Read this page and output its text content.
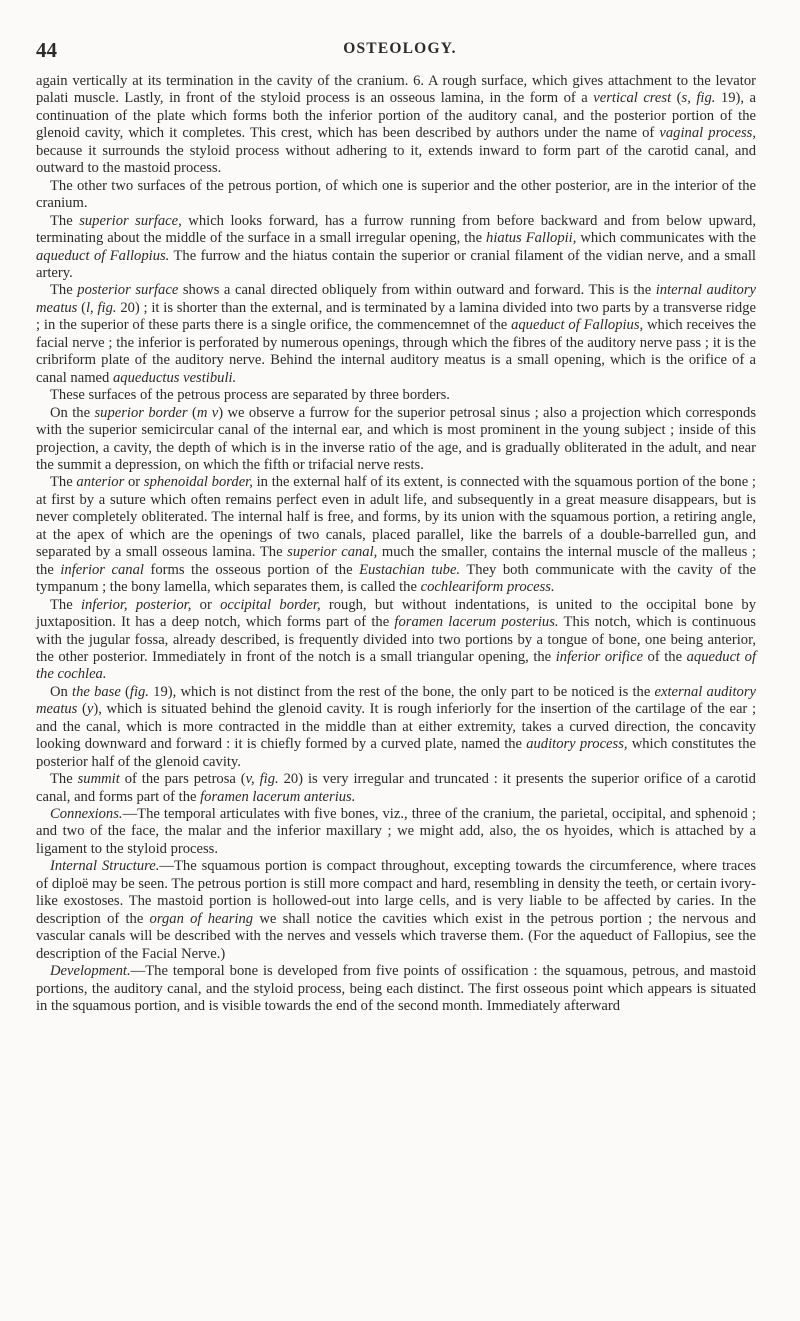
44	OSTEOLOGY.

again vertically at its termination in the cavity of the cranium. 6. A rough surface, which gives attachment to the levator palati muscle. Lastly, in front of the styloid process is an osseous lamina, in the form of a vertical crest (s, fig. 19), a continuation of the plate which forms both the inferior portion of the auditory canal, and the posterior portion of the glenoid cavity, which it completes. This crest, which has been described by authors under the name of vaginal process, because it surrounds the styloid process without adhering to it, extends inward to form part of the carotid canal, and outward to the mastoid process.

The other two surfaces of the petrous portion, of which one is superior and the other posterior, are in the interior of the cranium.

The superior surface, which looks forward, has a furrow running from before backward and from below upward, terminating about the middle of the surface in a small irregular opening, the hiatus Fallopii, which communicates with the aqueduct of Fallopius. The furrow and the hiatus contain the superior or cranial filament of the vidian nerve, and a small artery.

The posterior surface shows a canal directed obliquely from within outward and forward. This is the internal auditory meatus (l, fig. 20) ; it is shorter than the external, and is terminated by a lamina divided into two parts by a transverse ridge ; in the superior of these parts there is a single orifice, the commencemnet of the aqueduct of Fallopius, which receives the facial nerve ; the inferior is perforated by numerous openings, through which the fibres of the auditory nerve pass ; it is the cribriform plate of the auditory nerve. Behind the internal auditory meatus is a small opening, which is the orifice of a canal named aqueductus vestibuli.

These surfaces of the petrous process are separated by three borders.

On the superior border (m v) we observe a furrow for the superior petrosal sinus ; also a projection which corresponds with the superior semicircular canal of the internal ear, and which is most prominent in the young subject ; inside of this projection, a cavity, the depth of which is in the inverse ratio of the age, and is gradually obliterated in the adult, and near the summit a depression, on which the fifth or trifacial nerve rests.

The anterior or sphenoidal border, in the external half of its extent, is connected with the squamous portion of the bone ; at first by a suture which often remains perfect even in adult life, and subsequently in a great measure disappears, but is never completely obliterated. The internal half is free, and forms, by its union with the squamous portion, a retiring angle, at the apex of which are the openings of two canals, placed parallel, like the barrels of a double-barrelled gun, and separated by a small osseous lamina. The superior canal, much the smaller, contains the internal muscle of the malleus ; the inferior canal forms the osseous portion of the Eustachian tube. They both communicate with the cavity of the tympanum ; the bony lamella, which separates them, is called the cochleariform process.

The inferior, posterior, or occipital border, rough, but without indentations, is united to the occipital bone by juxtaposition. It has a deep notch, which forms part of the foramen lacerum posterius. This notch, which is continuous with the jugular fossa, already described, is frequently divided into two portions by a tongue of bone, one being anterior, the other posterior. Immediately in front of the notch is a small triangular opening, the inferior orifice of the aqueduct of the cochlea.

On the base (fig. 19), which is not distinct from the rest of the bone, the only part to be noticed is the external auditory meatus (y), which is situated behind the glenoid cavity. It is rough inferiorly for the insertion of the cartilage of the ear ; and the canal, which is more contracted in the middle than at either extremity, takes a curved direction, the concavity looking downward and forward : it is chiefly formed by a curved plate, named the auditory process, which constitutes the posterior half of the glenoid cavity.

The summit of the pars petrosa (v, fig. 20) is very irregular and truncated : it presents the superior orifice of a carotid canal, and forms part of the foramen lacerum anterius.

Connexions.—The temporal articulates with five bones, viz., three of the cranium, the parietal, occipital, and sphenoid ; and two of the face, the malar and the inferior maxillary ; we might add, also, the os hyoides, which is attached by a ligament to the styloid process.

Internal Structure.—The squamous portion is compact throughout, excepting towards the circumference, where traces of diploë may be seen. The petrous portion is still more compact and hard, resembling in density the teeth, or certain ivory-like exostoses. The mastoid portion is hollowed-out into large cells, and is very liable to be affected by caries. In the description of the organ of hearing we shall notice the cavities which exist in the petrous portion ; the nervous and vascular canals will be described with the nerves and vessels which traverse them. (For the aqueduct of Fallopius, see the description of the Facial Nerve.)

Development.—The temporal bone is developed from five points of ossification : the squamous, petrous, and mastoid portions, the auditory canal, and the styloid process, being each distinct. The first osseous point which appears is situated in the squamous portion, and is visible towards the end of the second month. Immediately afterward
